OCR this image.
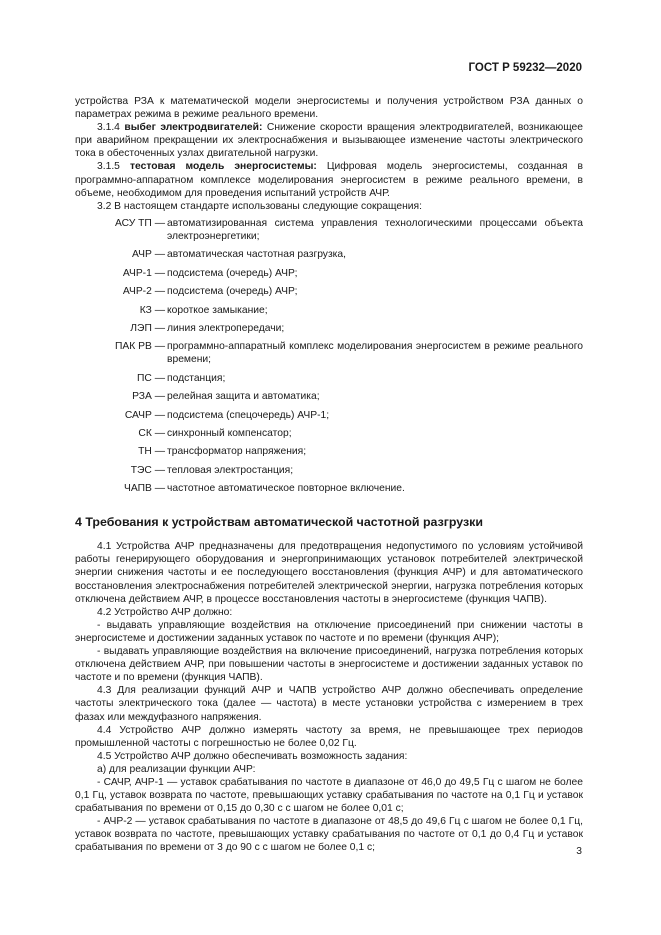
ГОСТ Р 59232—2020

устройства РЗА к математической модели энергосистемы и получения устройством РЗА данных о параметрах режима в режиме реального времени.

3.1.4 выбег электродвигателей: Снижение скорости вращения электродвигателей, возникающее при аварийном прекращении их электроснабжения и вызывающее изменение частоты электрического тока в обесточенных узлах двигательной нагрузки.

3.1.5 тестовая модель энергосистемы: Цифровая модель энергосистемы, созданная в программно-аппаратном комплексе моделирования энергосистем в режиме реального времени, в объеме, необходимом для проведения испытаний устройств АЧР.

3.2 В настоящем стандарте использованы следующие сокращения:

АСУ ТП — автоматизированная система управления технологическими процессами объекта электроэнергетики;
АЧР — автоматическая частотная разгрузка,
АЧР-1 — подсистема (очередь) АЧР;
АЧР-2 — подсистема (очередь) АЧР;
КЗ — короткое замыкание;
ЛЭП — линия электропередачи;
ПАК РВ — программно-аппаратный комплекс моделирования энергосистем в режиме реального времени;
ПС — подстанция;
РЗА — релейная защита и автоматика;
САЧР — подсистема (спецочередь) АЧР-1;
СК — синхронный компенсатор;
ТН — трансформатор напряжения;
ТЭС — тепловая электростанция;
ЧАПВ — частотное автоматическое повторное включение.
4 Требования к устройствам автоматической частотной разгрузки

4.1 Устройства АЧР предназначены для предотвращения недопустимого по условиям устойчивой работы генерирующего оборудования и энергопринимающих установок потребителей электрической энергии снижения частоты и ее последующего восстановления (функция АЧР) и для автоматического восстановления электроснабжения потребителей электрической энергии, нагрузка потребления которых отключена действием АЧР, в процессе восстановления частоты в энергосистеме (функция ЧАПВ).

4.2 Устройство АЧР должно:

- выдавать управляющие воздействия на отключение присоединений при снижении частоты в энергосистеме и достижении заданных уставок по частоте и по времени (функция АЧР);

- выдавать управляющие воздействия на включение присоединений, нагрузка потребления которых отключена действием АЧР, при повышении частоты в энергосистеме и достижении заданных уставок по частоте и по времени (функция ЧАПВ).

4.3 Для реализации функций АЧР и ЧАПВ устройство АЧР должно обеспечивать определение частоты электрического тока (далее — частота) в месте установки устройства с измерением в трех фазах или междуфазного напряжения.

4.4 Устройство АЧР должно измерять частоту за время, не превышающее трех периодов промышленной частоты с погрешностью не более 0,02 Гц.

4.5 Устройство АЧР должно обеспечивать возможность задания:

а) для реализации функции АЧР:

- САЧР, АЧР-1 — уставок срабатывания по частоте в диапазоне от 46,0 до 49,5 Гц с шагом не более 0,1 Гц, уставок возврата по частоте, превышающих уставку срабатывания по частоте на 0,1 Гц и уставок срабатывания по времени от 0,15 до 0,30 с с шагом не более 0,01 с;

- АЧР-2 — уставок срабатывания по частоте в диапазоне от 48,5 до 49,6 Гц с шагом не более 0,1 Гц, уставок возврата по частоте, превышающих уставку срабатывания по частоте от 0,1 до 0,4 Гц и уставок срабатывания по времени от 3 до 90 с с шагом не более 0,1 с;	3
